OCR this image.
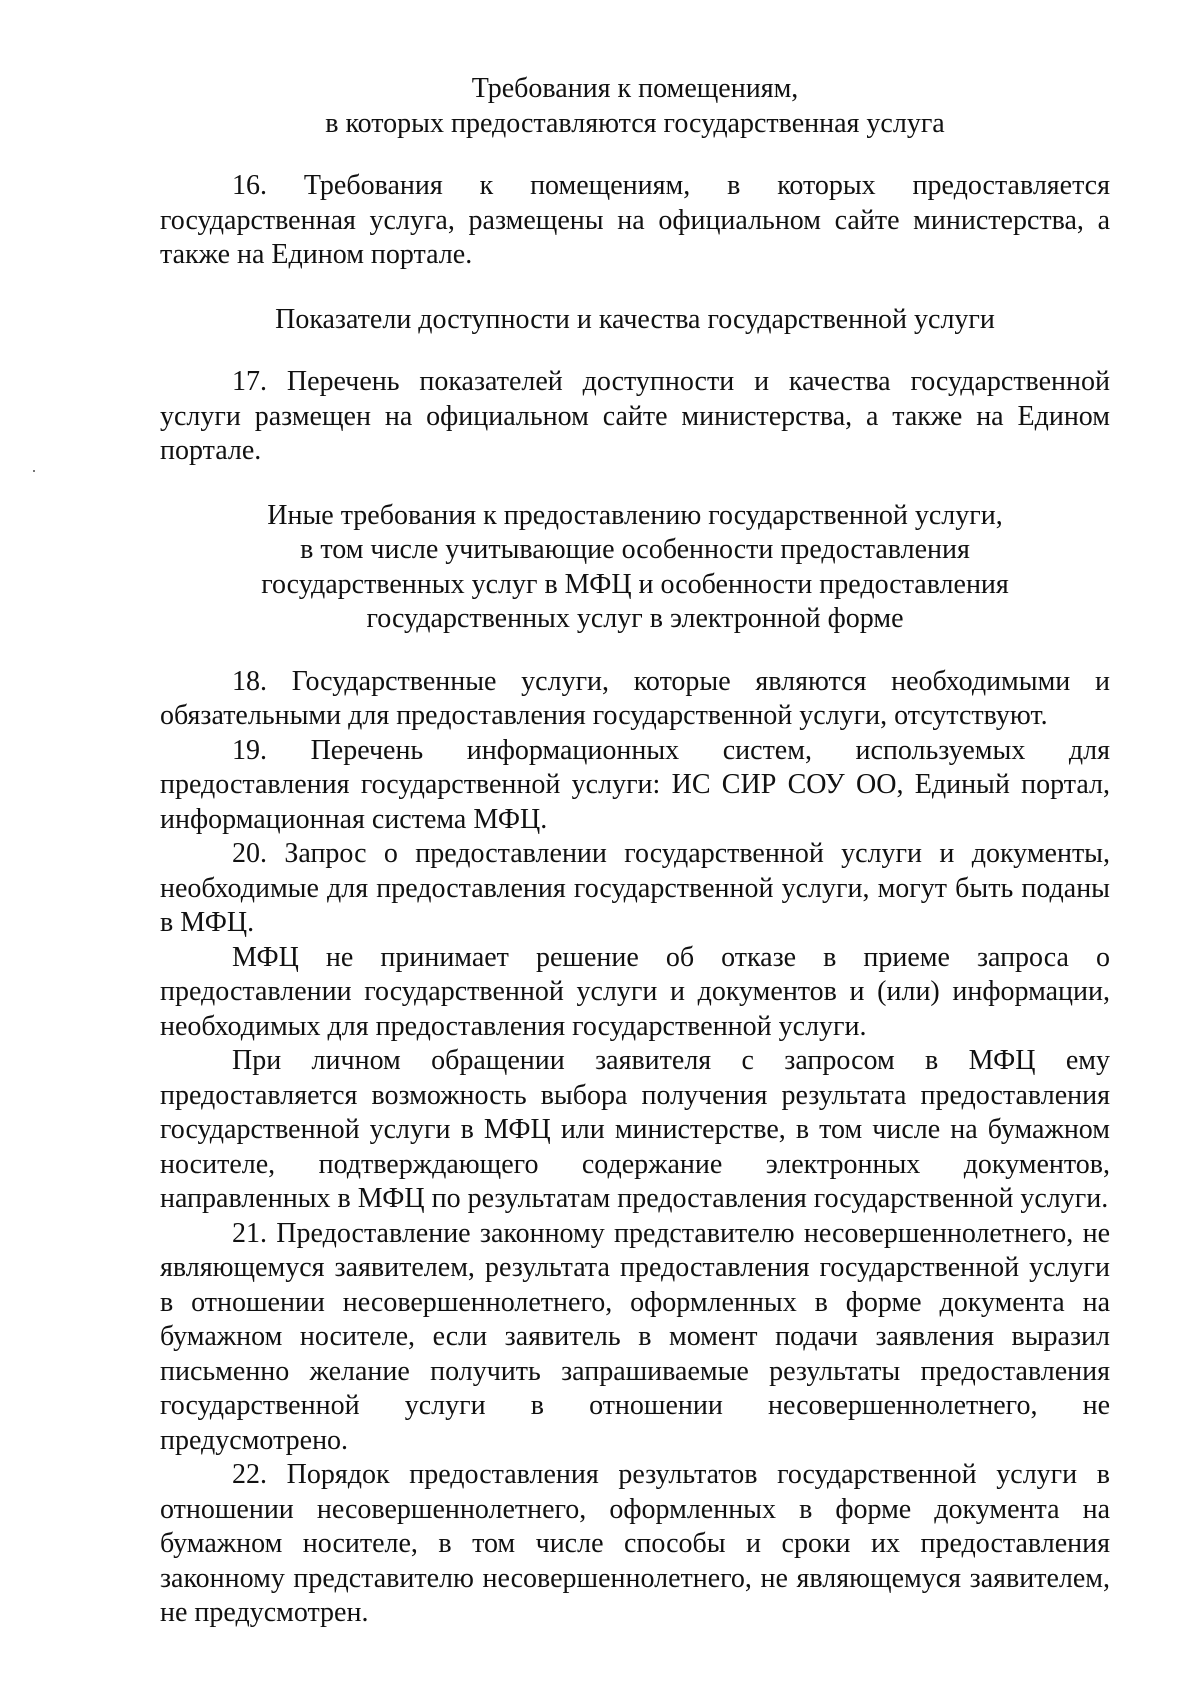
Требования к помещениям,
в которых предоставляются государственная услуга

16. Требования к помещениям, в которых предоставляется государственная услуга, размещены на официальном сайте министерства, а также на Едином портале.

Показатели доступности и качества государственной услуги

17. Перечень показателей доступности и качества государственной услуги размещен на официальном сайте министерства, а также на Едином портале.

Иные требования к предоставлению государственной услуги,
в том числе учитывающие особенности предоставления
государственных услуг в МФЦ и особенности предоставления
государственных услуг в электронной форме

18. Государственные услуги, которые являются необходимыми и обязательными для предоставления государственной услуги, отсутствуют.

19. Перечень информационных систем, используемых для предоставления государственной услуги: ИС СИР СОУ ОО, Единый портал, информационная система МФЦ.

20. Запрос о предоставлении государственной услуги и документы, необходимые для предоставления государственной услуги, могут быть поданы в МФЦ.

МФЦ не принимает решение об отказе в приеме запроса о предоставлении государственной услуги и документов и (или) информации, необходимых для предоставления государственной услуги.

При личном обращении заявителя с запросом в МФЦ ему предоставляется возможность выбора получения результата предоставления государственной услуги в МФЦ или министерстве, в том числе на бумажном носителе, подтверждающего содержание электронных документов, направленных в МФЦ по результатам предоставления государственной услуги.

21. Предоставление законному представителю несовершеннолетнего, не являющемуся заявителем, результата предоставления государственной услуги в отношении несовершеннолетнего, оформленных в форме документа на бумажном носителе, если заявитель в момент подачи заявления выразил письменно желание получить запрашиваемые результаты предоставления государственной услуги в отношении несовершеннолетнего, не предусмотрено.

22. Порядок предоставления результатов государственной услуги в отношении несовершеннолетнего, оформленных в форме документа на бумажном носителе, в том числе способы и сроки их предоставления законному представителю несовершеннолетнего, не являющемуся заявителем, не предусмотрен.
